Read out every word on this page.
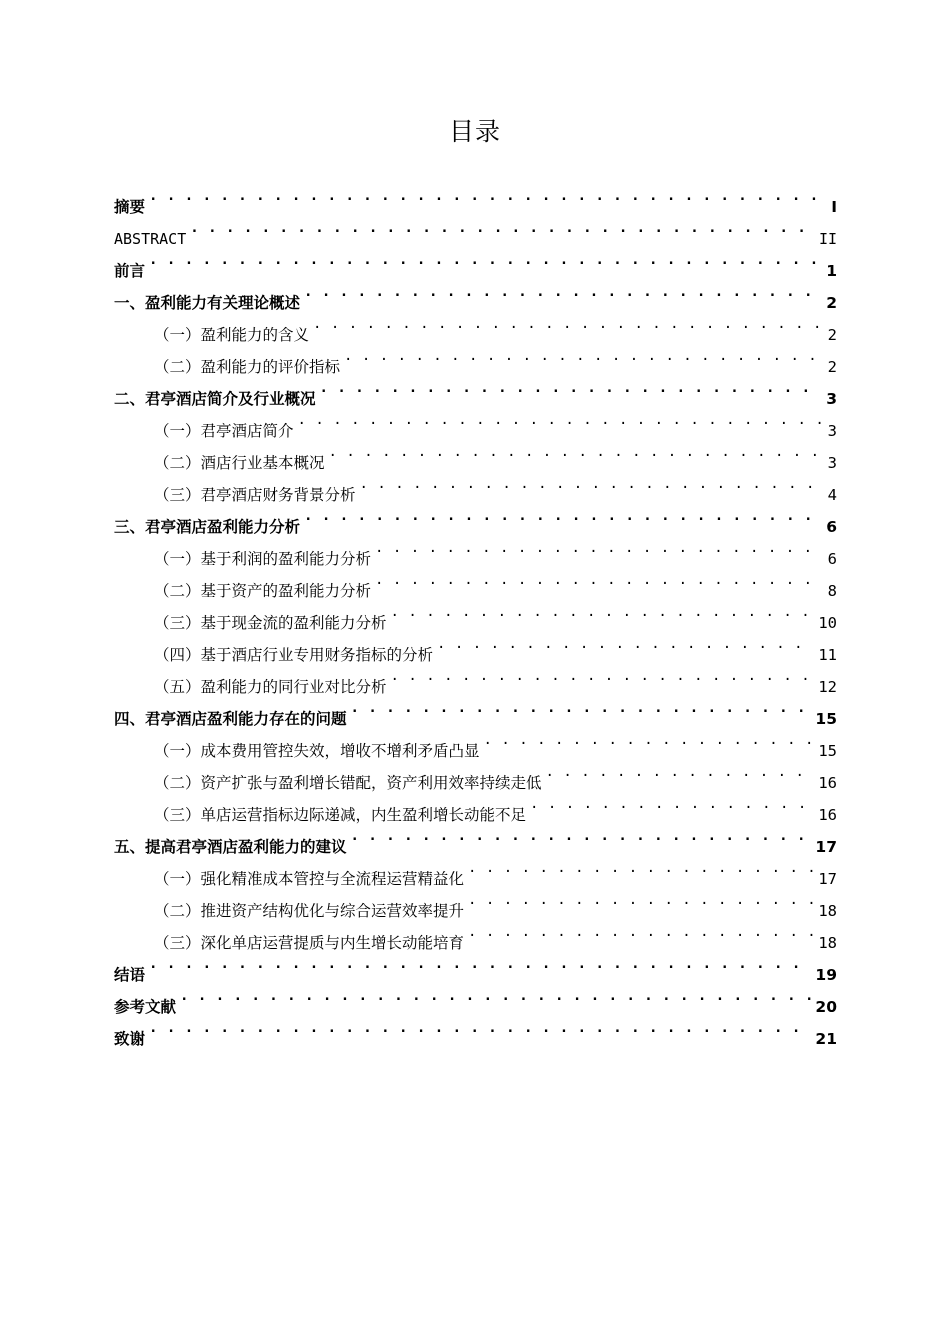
目录
摘要 . . .	I
ABSTRACT . . .	II
前言 . . .	1
一、盈利能力有关理论概述 . . .	2
（一）盈利能力的含义 . . .	2
（二）盈利能力的评价指标 . . .	2
二、君亭酒店简介及行业概况 . . .	3
（一）君亭酒店简介 . . .	3
（二）酒店行业基本概况 . . .	3
（三）君亭酒店财务背景分析 . . .	4
三、君亭酒店盈利能力分析 . . .	6
（一）基于利润的盈利能力分析 . . .	6
（二）基于资产的盈利能力分析 . . .	8
（三）基于现金流的盈利能力分析 . . .	10
（四）基于酒店行业专用财务指标的分析 . . .	11
（五）盈利能力的同行业对比分析 . . .	12
四、君亭酒店盈利能力存在的问题 . . .	15
（一）成本费用管控失效，增收不增利矛盾凸显 . . .	15
（二）资产扩张与盈利增长错配，资产利用效率持续走低 . . .	16
（三）单店运营指标边际递减，内生盈利增长动能不足 . . .	16
五、提高君亭酒店盈利能力的建议 . . .	17
（一）强化精准成本管控与全流程运营精益化 . . .	17
（二）推进资产结构优化与综合运营效率提升 . . .	18
（三）深化单店运营提质与内生增长动能培育 . . .	18
结语 . . .	19
参考文献 . . .	20
致谢 . . .	21
